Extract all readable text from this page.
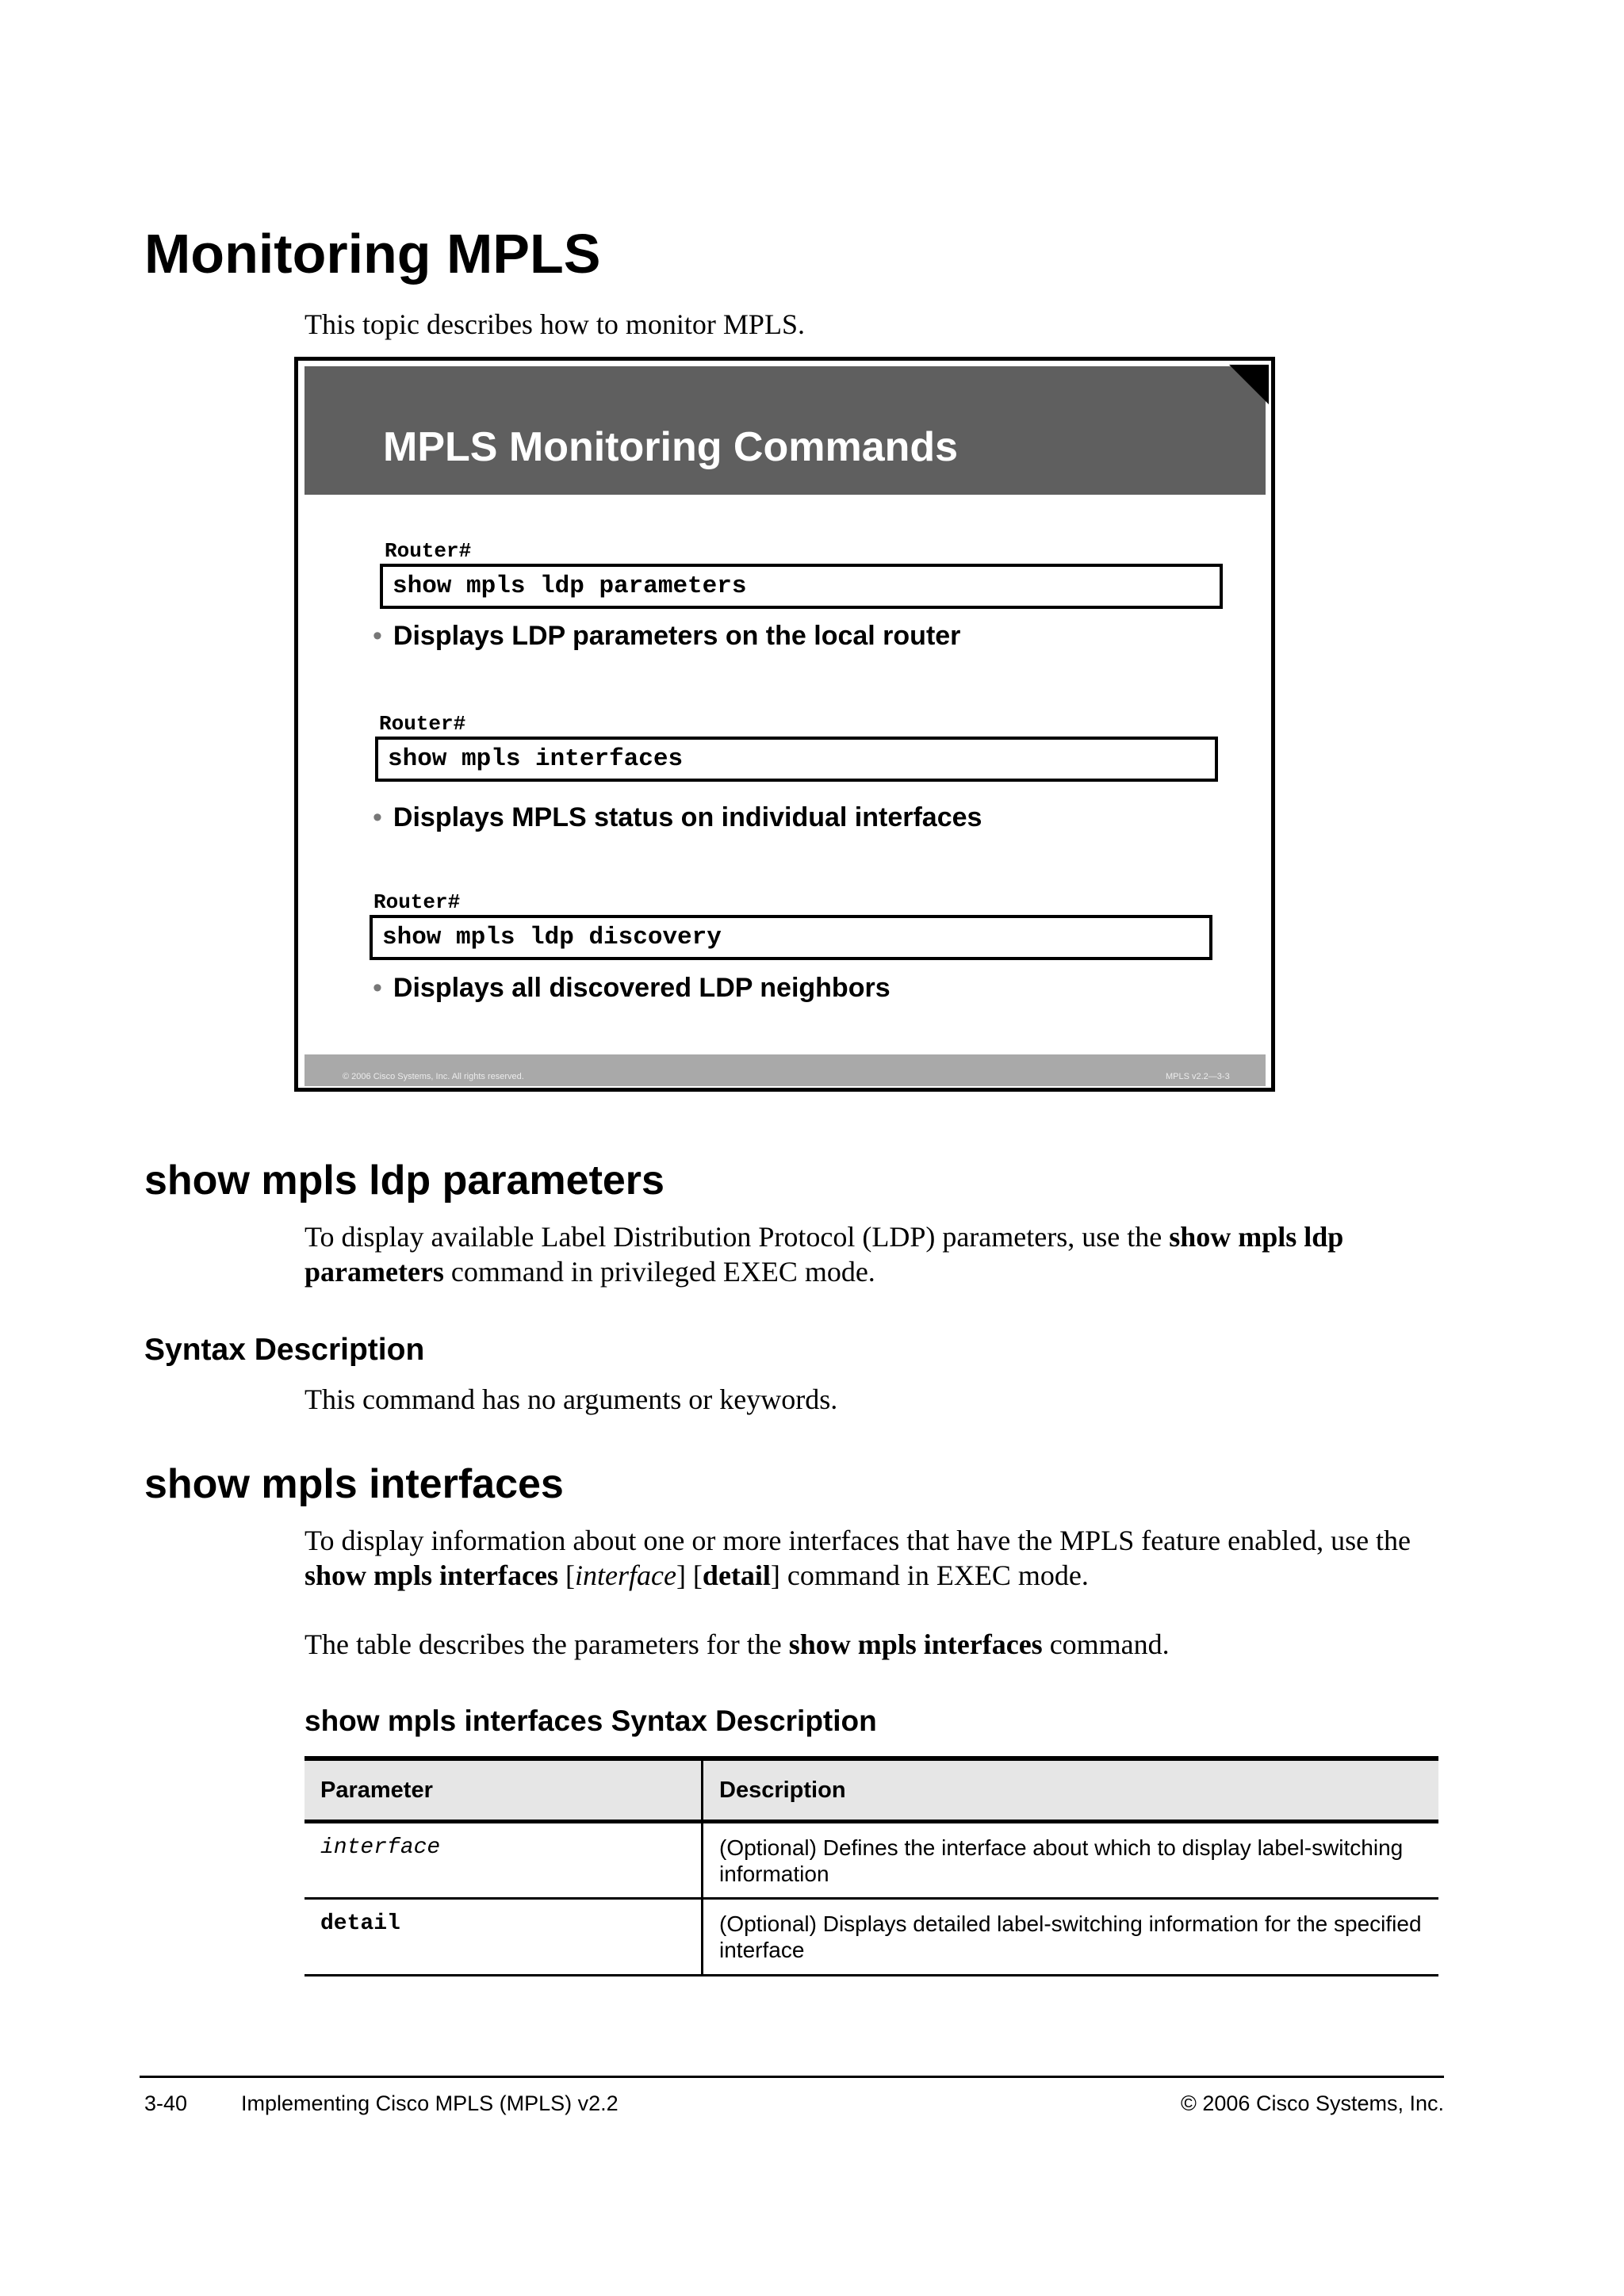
Monitoring MPLS
This topic describes how to monitor MPLS.
MPLS Monitoring Commands
Router#
show mpls ldp parameters
• Displays LDP parameters on the local router
Router#
show mpls interfaces
• Displays MPLS status on individual interfaces
Router#
show mpls ldp discovery
• Displays all discovered LDP neighbors
© 2006 Cisco Systems, Inc. All rights reserved.	MPLS v2.2—3-3
show mpls ldp parameters
To display available Label Distribution Protocol (LDP) parameters, use the show mpls ldp parameters command in privileged EXEC mode.
Syntax Description
This command has no arguments or keywords.
show mpls interfaces
To display information about one or more interfaces that have the MPLS feature enabled, use the show mpls interfaces [interface] [detail] command in EXEC mode.
The table describes the parameters for the show mpls interfaces command.
show mpls interfaces Syntax Description
Parameter	Description
interface	(Optional) Defines the interface about which to display label-switching information
detail	(Optional) Displays detailed label-switching information for the specified interface
3-40	Implementing Cisco MPLS (MPLS) v2.2	© 2006 Cisco Systems, Inc.
